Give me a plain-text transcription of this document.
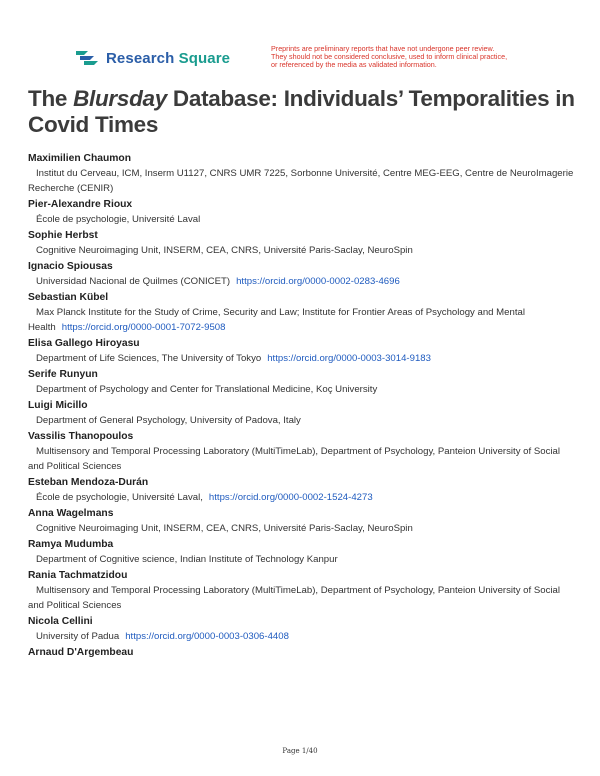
Research Square
Preprints are preliminary reports that have not undergone peer review.
They should not be considered conclusive, used to inform clinical practice,
or referenced by the media as validated information.
The Blursday Database: Individuals’ Temporalities in Covid Times
Maximilien Chaumon
Institut du Cerveau, ICM, Inserm U1127, CNRS UMR 7225, Sorbonne Université, Centre MEG-EEG, Centre de NeuroImagerie Recherche (CENIR)
Pier-Alexandre Rioux
École de psychologie, Université Laval
Sophie Herbst
Cognitive Neuroimaging Unit, INSERM, CEA, CNRS, Université Paris-Saclay, NeuroSpin
Ignacio Spiousas
Universidad Nacional de Quilmes (CONICET) https://orcid.org/0000-0002-0283-4696
Sebastian Kübel
Max Planck Institute for the Study of Crime, Security and Law; Institute for Frontier Areas of Psychology and Mental Health https://orcid.org/0000-0001-7072-9508
Elisa Gallego Hiroyasu
Department of Life Sciences, The University of Tokyo https://orcid.org/0000-0003-3014-9183
Serife Runyun
Department of Psychology and Center for Translational Medicine, Koç University
Luigi Micillo
Department of General Psychology, University of Padova, Italy
Vassilis Thanopoulos
Multisensory and Temporal Processing Laboratory (MultiTimeLab), Department of Psychology, Panteion University of Social and Political Sciences
Esteban Mendoza-Durán
École de psychologie, Université Laval, https://orcid.org/0000-0002-1524-4273
Anna Wagelmans
Cognitive Neuroimaging Unit, INSERM, CEA, CNRS, Université Paris-Saclay, NeuroSpin
Ramya Mudumba
Department of Cognitive science, Indian Institute of Technology Kanpur
Rania Tachmatzidou
Multisensory and Temporal Processing Laboratory (MultiTimeLab), Department of Psychology, Panteion University of Social and Political Sciences
Nicola Cellini
University of Padua https://orcid.org/0000-0003-0306-4408
Arnaud D'Argembeau
Page 1/40
